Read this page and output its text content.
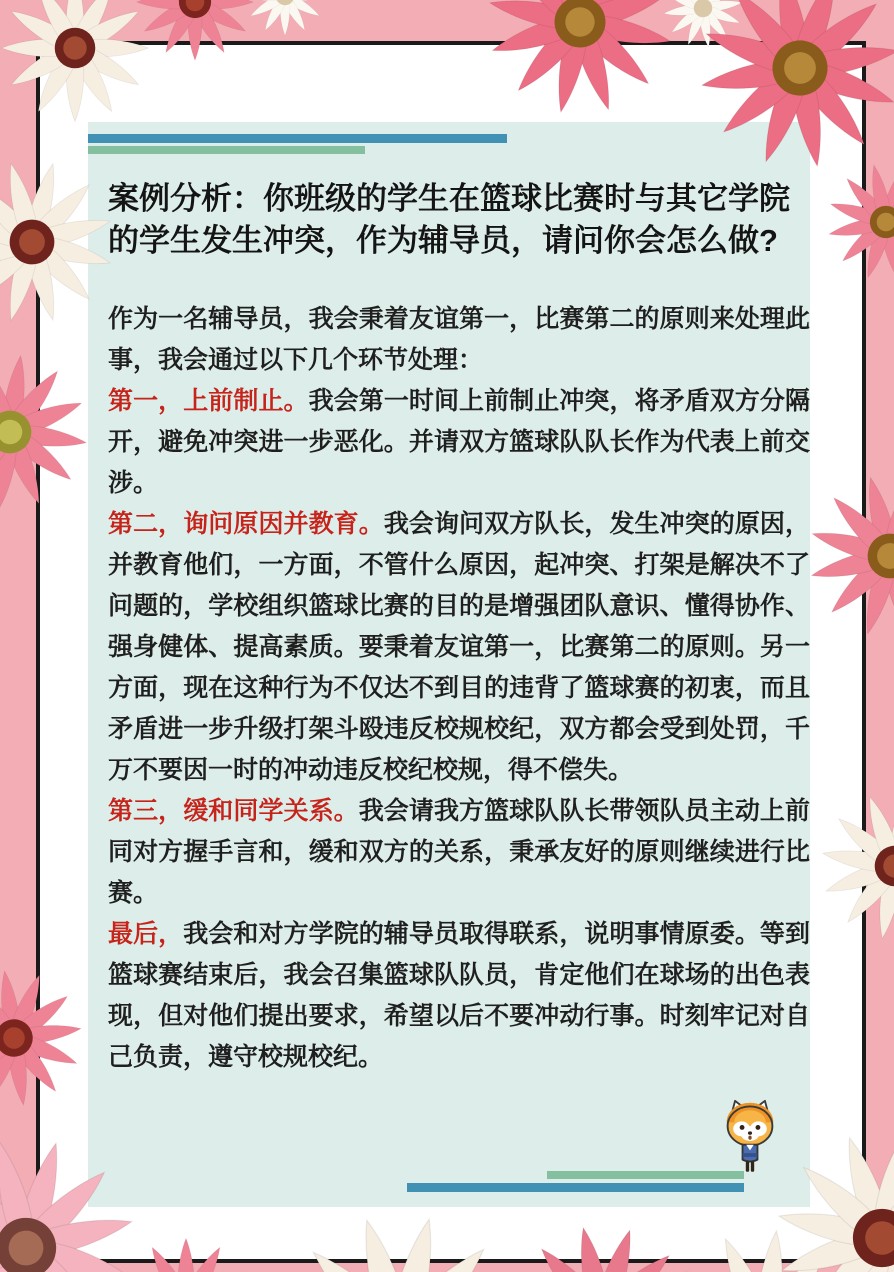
案例分析：你班级的学生在篮球比赛时与其它学院的学生发生冲突，作为辅导员，请问你会怎么做?

作为一名辅导员，我会秉着友谊第一，比赛第二的原则来处理此事，我会通过以下几个环节处理：

第一，上前制止。我会第一时间上前制止冲突，将矛盾双方分隔开，避免冲突进一步恶化。并请双方篮球队队长作为代表上前交涉。

第二，询问原因并教育。我会询问双方队长，发生冲突的原因，并教育他们，一方面，不管什么原因，起冲突、打架是解决不了问题的，学校组织篮球比赛的目的是增强团队意识、懂得协作、强身健体、提高素质。要秉着友谊第一，比赛第二的原则。另一方面，现在这种行为不仅达不到目的违背了篮球赛的初衷，而且矛盾进一步升级打架斗殴违反校规校纪，双方都会受到处罚，千万不要因一时的冲动违反校纪校规，得不偿失。

第三，缓和同学关系。我会请我方篮球队队长带领队员主动上前同对方握手言和，缓和双方的关系，秉承友好的原则继续进行比赛。

最后，我会和对方学院的辅导员取得联系，说明事情原委。等到篮球赛结束后，我会召集篮球队队员，肯定他们在球场的出色表现，但对他们提出要求，希望以后不要冲动行事。时刻牢记对自己负责，遵守校规校纪。
